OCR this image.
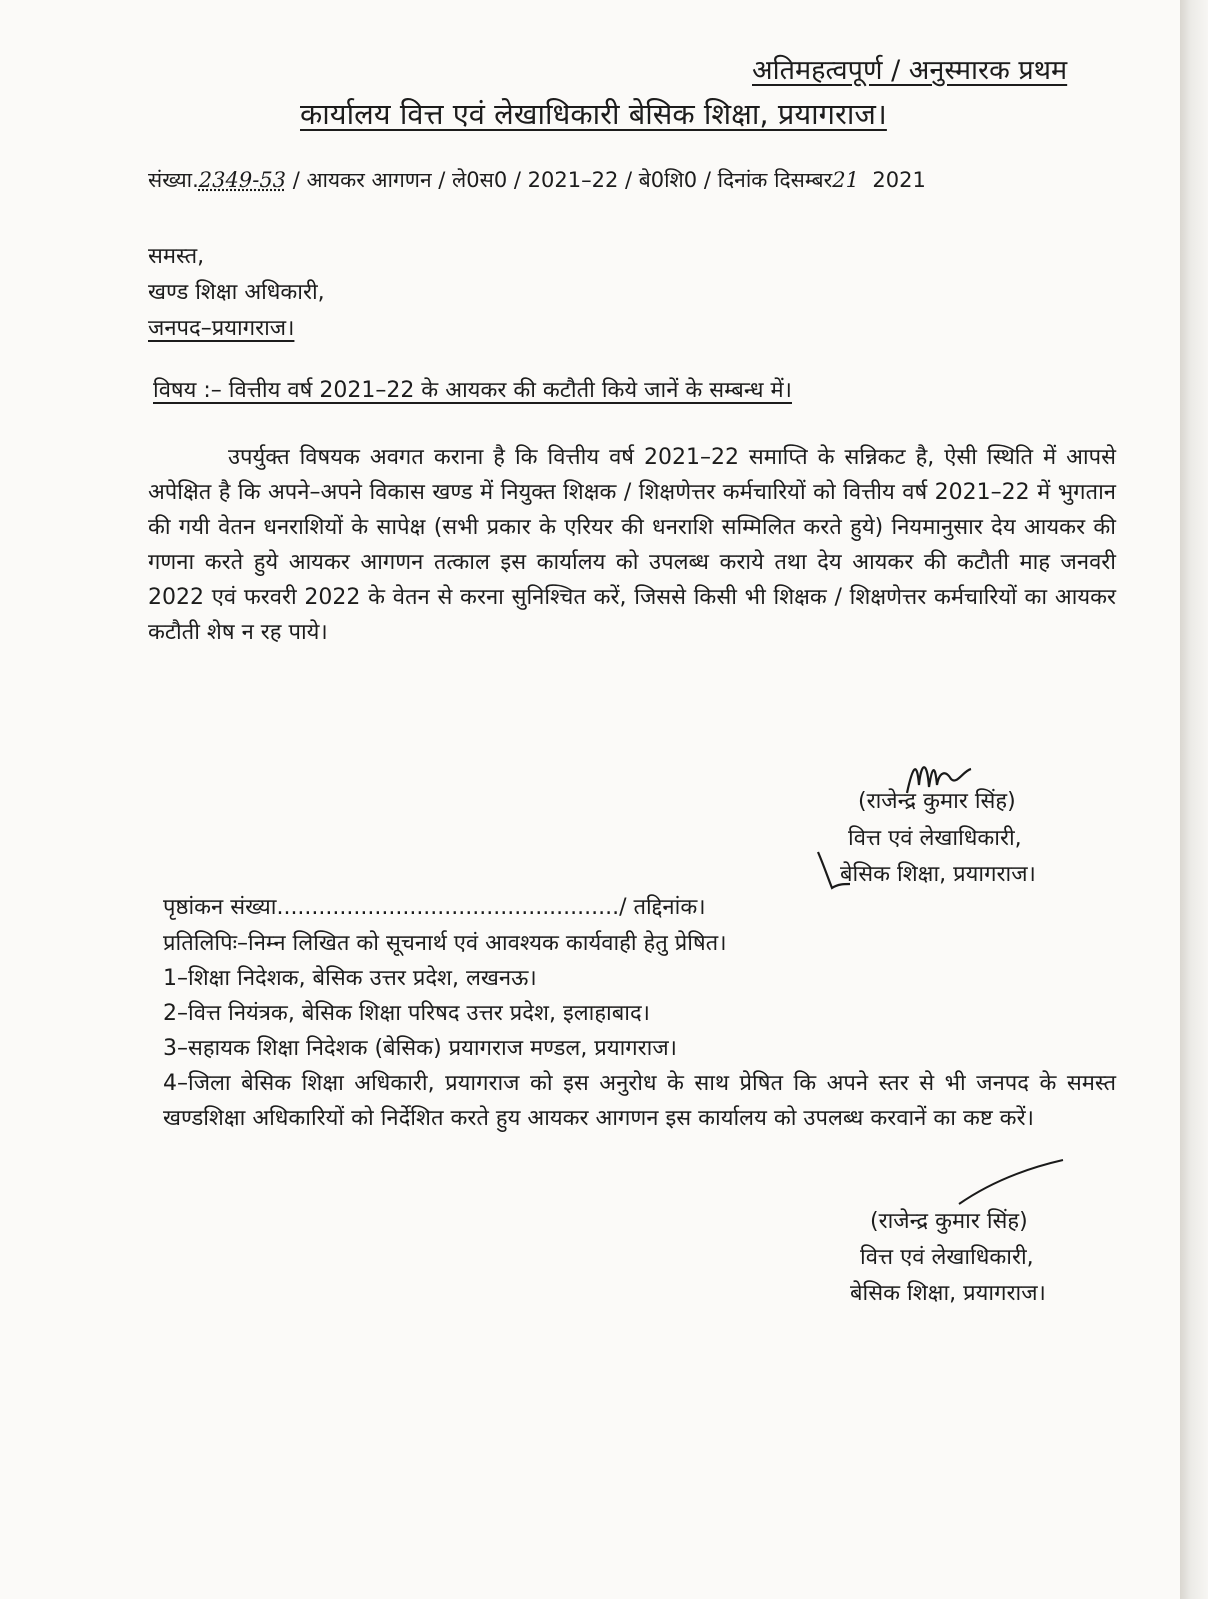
अतिमहत्वपूर्ण / अनुस्मारक प्रथम
कार्यालय वित्त एवं लेखाधिकारी बेसिक शिक्षा, प्रयागराज।
संख्या.2349-53 / आयकर आगणन / ले0स0 / 2021–22 / बे0शि0 / दिनांक दिसम्बर21 2021
समस्त,
खण्ड शिक्षा अधिकारी,
जनपद–प्रयागराज।
विषय :– वित्तीय वर्ष 2021–22 के आयकर की कटौती किये जानें के सम्बन्ध में।
उपर्युक्त विषयक अवगत कराना है कि वित्तीय वर्ष 2021–22 समाप्ति के सन्निकट है, ऐसी स्थिति में आपसे अपेक्षित है कि अपने–अपने विकास खण्ड में नियुक्त शिक्षक / शिक्षणेत्तर कर्मचारियों को वित्तीय वर्ष 2021–22 में भुगतान की गयी वेतन धनराशियों के सापेक्ष (सभी प्रकार के एरियर की धनराशि सम्मिलित करते हुये) नियमानुसार देय आयकर की गणना करते हुये आयकर आगणन तत्काल इस कार्यालय को उपलब्ध कराये तथा देय आयकर की कटौती माह जनवरी 2022 एवं फरवरी 2022 के वेतन से करना सुनिश्चित करें, जिससे किसी भी शिक्षक / शिक्षणेत्तर कर्मचारियों का आयकर कटौती शेष न रह पाये।
(राजेन्द्र कुमार सिंह)
वित्त एवं लेखाधिकारी,
बेसिक शिक्षा, प्रयागराज।
पृष्ठांकन संख्या................................................./ तद्दिनांक।
प्रतिलिपिः–निम्न लिखित को सूचनार्थ एवं आवश्यक कार्यवाही हेतु प्रेषित।
1–शिक्षा निदेशक, बेसिक उत्तर प्रदेश, लखनऊ।
2–वित्त नियंत्रक, बेसिक शिक्षा परिषद उत्तर प्रदेश, इलाहाबाद।
3–सहायक शिक्षा निदेशक (बेसिक) प्रयागराज मण्डल, प्रयागराज।
4–जिला बेसिक शिक्षा अधिकारी, प्रयागराज को इस अनुरोध के साथ प्रेषित कि अपने स्तर से भी जनपद के समस्त खण्डशिक्षा अधिकारियों को निर्देशित करते हुय आयकर आगणन इस कार्यालय को उपलब्ध करवानें का कष्ट करें।
(राजेन्द्र कुमार सिंह)
वित्त एवं लेखाधिकारी,
बेसिक शिक्षा, प्रयागराज।
